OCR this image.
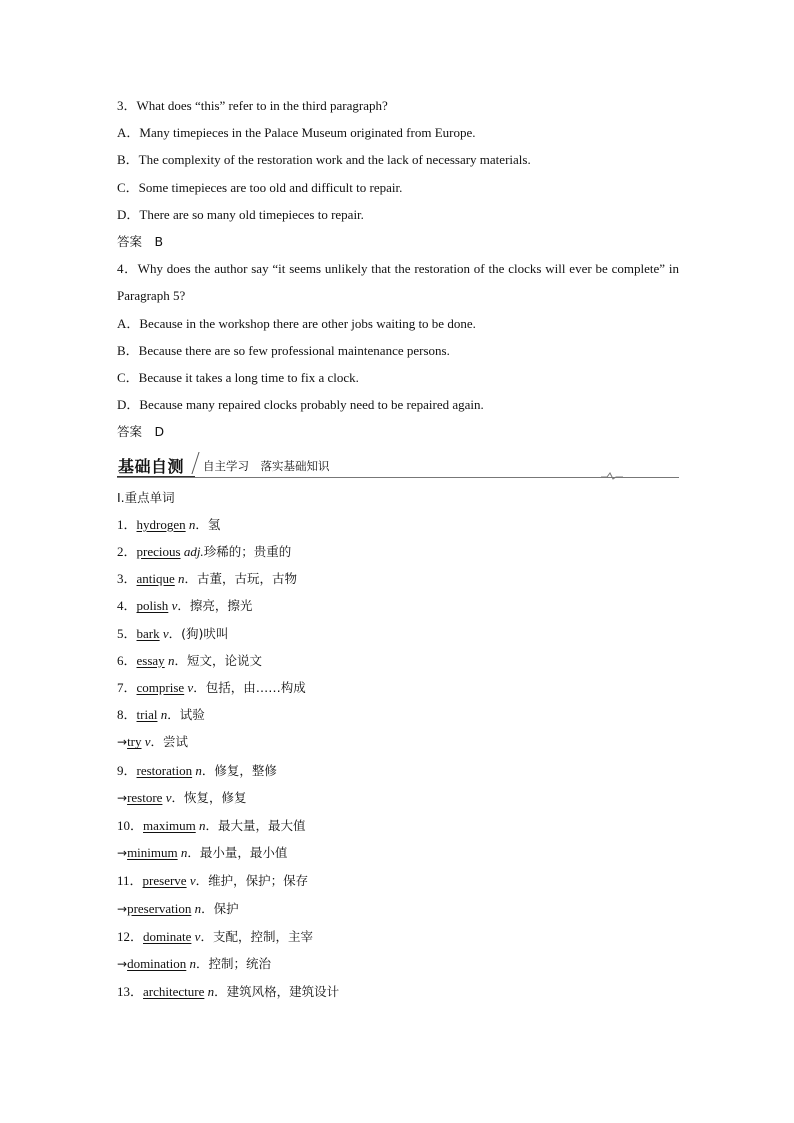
3．What does “this” refer to in the third paragraph?
A．Many timepieces in the Palace Museum originated from Europe.
B．The complexity of the restoration work and the lack of necessary materials.
C．Some timepieces are too old and difficult to repair.
D．There are so many old timepieces to repair.
答案　B
4．Why does the author say “it seems unlikely that the restoration of the clocks will ever be complete” in Paragraph 5?
A．Because in the workshop there are other jobs waiting to be done.
B．Because there are so few professional maintenance persons.
C．Because it takes a long time to fix a clock.
D．Because many repaired clocks probably need to be repaired again.
答案　D
基础自测 自主学习　落实基础知识
Ⅰ.重点单词
1．hydrogen n．氢
2．precious adj.珍稀的；贵重的
3．antique n．古董，古玩，古物
4．polish v．擦亮，擦光
5．bark v．(狗)吠叫
6．essay n．短文，论说文
7．comprise v．包括，由……构成
8．trial n．试验
→try v．尝试
9．restoration n．修复，整修
→restore v．恢复，修复
10．maximum n．最大量，最大值
→minimum n．最小量，最小值
11．preserve v．维护，保护；保存
→preservation n．保护
12．dominate v．支配，控制，主宰
→domination n．控制；统治
13．architecture n．建筑风格，建筑设计
